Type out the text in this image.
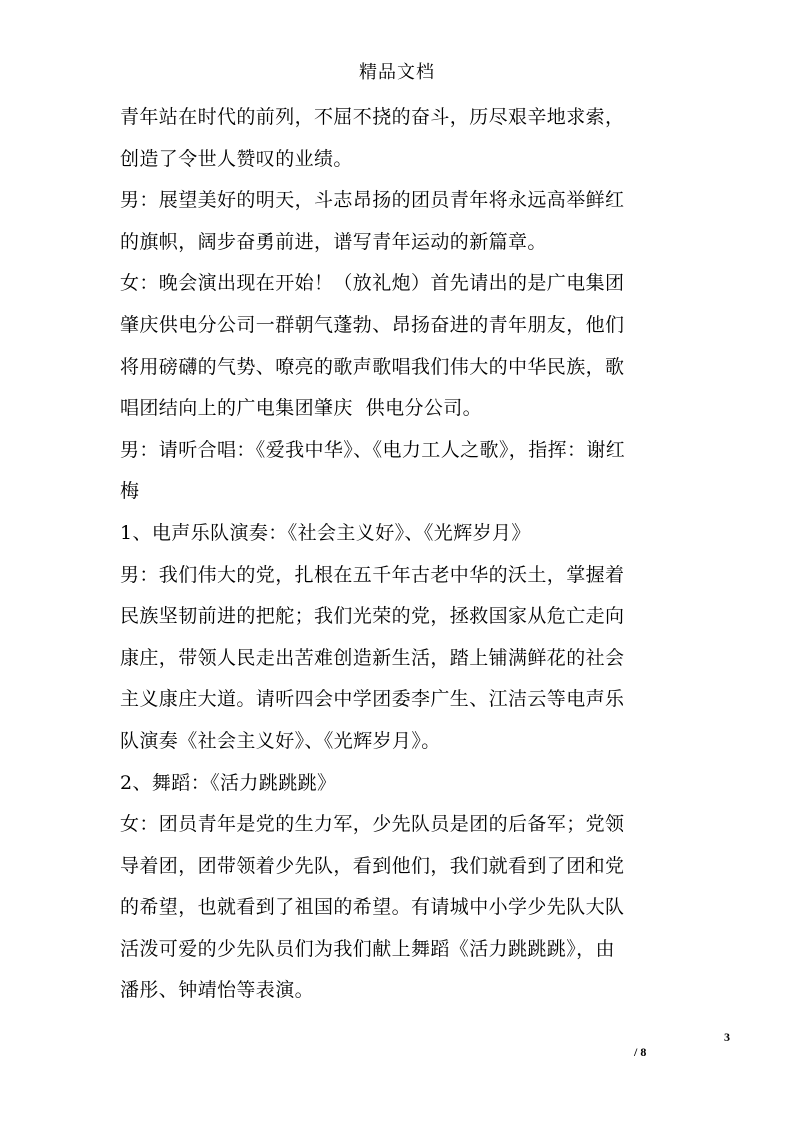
精品文档

青年站在时代的前列，不屈不挠的奋斗，历尽艰辛地求索，

创造了令世人赞叹的业绩。

男：展望美好的明天，斗志昂扬的团员青年将永远高举鲜红

的旗帜，阔步奋勇前进，谱写青年运动的新篇章。

女：晚会演出现在开始！（放礼炮）首先请出的是广电集团

肇庆供电分公司一群朝气蓬勃、昂扬奋进的青年朋友，他们

将用磅礴的气势、嘹亮的歌声歌唱我们伟大的中华民族，歌

唱团结向上的广电集团肇庆  供电分公司。

男：请听合唱：《爱我中华》、《电力工人之歌》，指挥：谢红

梅

1、电声乐队演奏：《社会主义好》、《光辉岁月》

男：我们伟大的党，扎根在五千年古老中华的沃土，掌握着

民族坚韧前进的把舵；我们光荣的党，拯救国家从危亡走向

康庄，带领人民走出苦难创造新生活，踏上铺满鲜花的社会

主义康庄大道。请听四会中学团委李广生、江洁云等电声乐

队演奏《社会主义好》、《光辉岁月》。

2、舞蹈：《活力跳跳跳》

女：团员青年是党的生力军，少先队员是团的后备军；党领

导着团，团带领着少先队，看到他们，我们就看到了团和党

的希望，也就看到了祖国的希望。有请城中小学少先队大队

活泼可爱的少先队员们为我们献上舞蹈《活力跳跳跳》，由

潘彤、钟靖怡等表演。

3
/ 8
